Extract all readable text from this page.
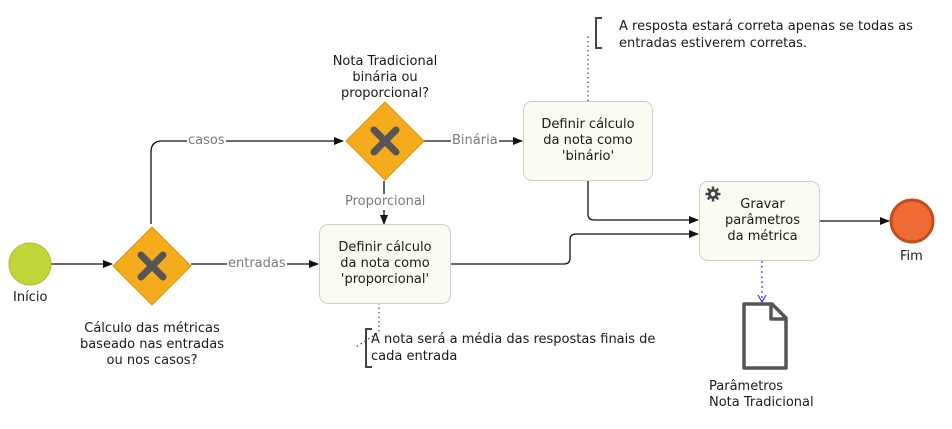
Definir cálculo
da nota como
'binário'
Definir cálculo
da nota como
'proporcional'
Gravar
parâmetros
da métrica
casos
entradas
Binária
Proporcional
Início
Fim
Cálculo das métricas
baseado nas entradas
ou nos casos?
Nota Tradicional
binária ou
proporcional?
A resposta estará correta apenas se todas as
entradas estiverem corretas.
A nota será a média das respostas finais de
cada entrada
Parâmetros
Nota Tradicional
